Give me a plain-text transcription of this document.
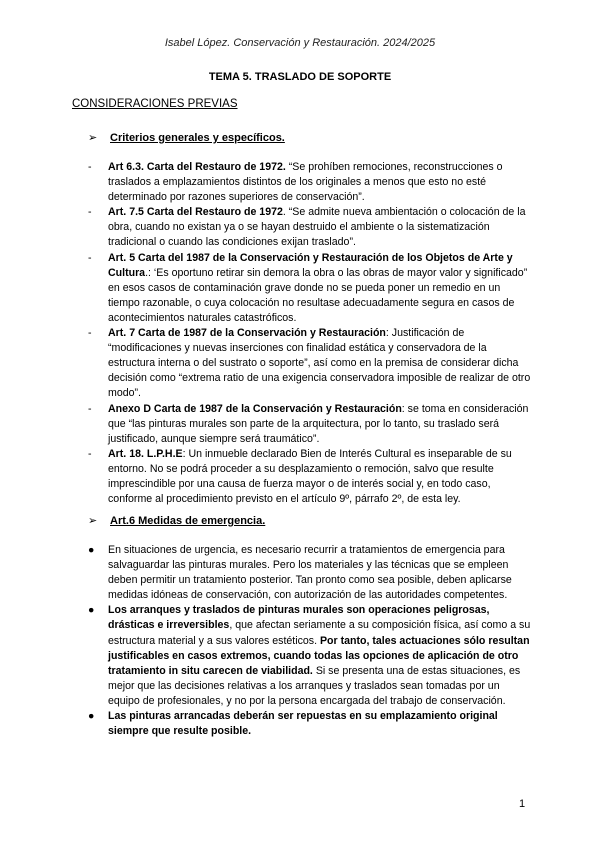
Isabel López. Conservación y Restauración. 2024/2025
TEMA 5. TRASLADO DE SOPORTE
CONSIDERACIONES PREVIAS
➢ Criterios generales y específicos.
- Art 6.3. Carta del Restauro de 1972. “Se prohíben remociones, reconstrucciones o traslados a emplazamientos distintos de los originales a menos que esto no esté determinado por razones superiores de conservación”.
- Art. 7.5 Carta del Restauro de 1972. “Se admite nueva ambientación o colocación de la obra, cuando no existan ya o se hayan destruido el ambiente o la sistematización tradicional o cuando las condiciones exijan traslado”.
- Art. 5 Carta del 1987 de la Conservación y Restauración de los Objetos de Arte y Cultura.: ‘Es oportuno retirar sin demora la obra o las obras de mayor valor y significado” en esos casos de contaminación grave donde no se pueda poner un remedio en un tiempo razonable, o cuya colocación no resultase adecuadamente segura en casos de acontecimientos naturales catastróficos.
- Art. 7 Carta de 1987 de la Conservación y Restauración: Justificación de “modificaciones y nuevas inserciones con finalidad estática y conservadora de la estructura interna o del sustrato o soporte”, así como en la premisa de considerar dicha decisión como “extrema ratio de una exigencia conservadora imposible de realizar de otro modo”.
- Anexo D Carta de 1987 de la Conservación y Restauración: se toma en consideración que “las pinturas murales son parte de la arquitectura, por lo tanto, su traslado será justificado, aunque siempre será traumático”.
- Art. 18. L.P.H.E: Un inmueble declarado Bien de Interés Cultural es inseparable de su entorno. No se podrá proceder a su desplazamiento o remoción, salvo que resulte imprescindible por una causa de fuerza mayor o de interés social y, en todo caso, conforme al procedimiento previsto en el artículo 9º, párrafo 2º, de esta ley.
➢ Art.6 Medidas de emergencia.
● En situaciones de urgencia, es necesario recurrir a tratamientos de emergencia para salvaguardar las pinturas murales. Pero los materiales y las técnicas que se empleen deben permitir un tratamiento posterior. Tan pronto como sea posible, deben aplicarse medidas idóneas de conservación, con autorización de las autoridades competentes.
● Los arranques y traslados de pinturas murales son operaciones peligrosas, drásticas e irreversibles, que afectan seriamente a su composición física, así como a su estructura material y a sus valores estéticos. Por tanto, tales actuaciones sólo resultan justificables en casos extremos, cuando todas las opciones de aplicación de otro tratamiento in situ carecen de viabilidad. Si se presenta una de estas situaciones, es mejor que las decisiones relativas a los arranques y traslados sean tomadas por un equipo de profesionales, y no por la persona encargada del trabajo de conservación.
● Las pinturas arrancadas deberán ser repuestas en su emplazamiento original siempre que resulte posible.
1
